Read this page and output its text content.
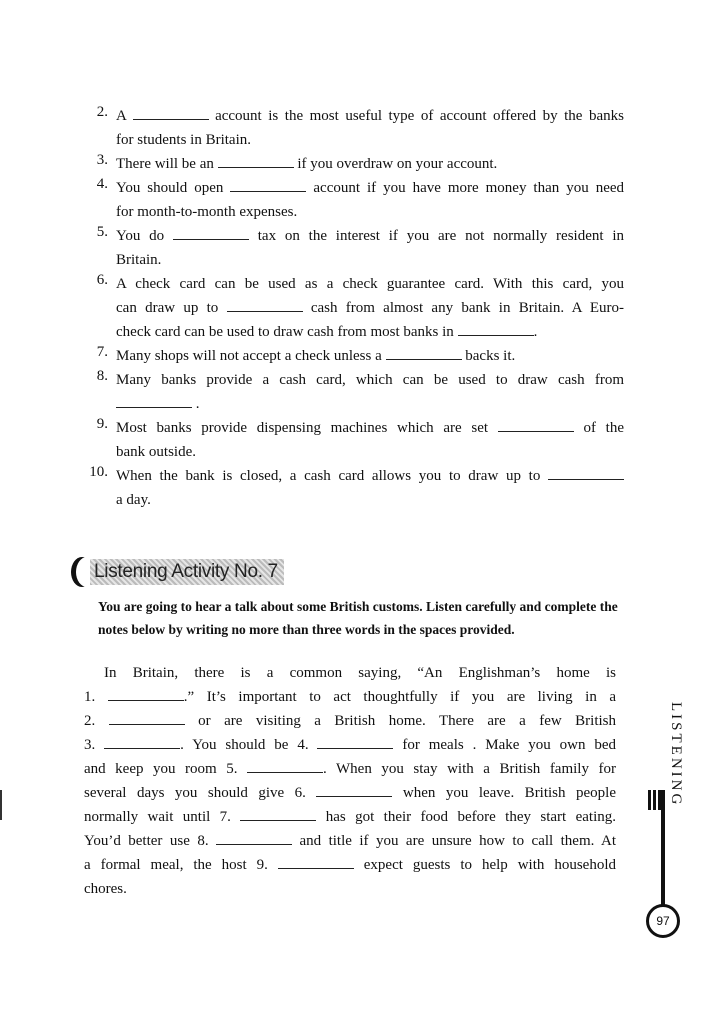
2. A	account is the most useful type of account offered by the banks
for students in Britain.
3. There will be an	if you overdraw on your account.
4. You should open	account if you have more money than you need
for month-to-month expenses.
5. You do	tax on the interest if you are not normally resident in
Britain.
6. A check card can be used as a check guarantee card. With this card, you
can draw up to	cash from almost any bank in Britain. A Euro-
check card can be used to draw cash from most banks in	.
7. Many shops will not accept a check unless a	backs it.
8. Many banks provide a cash card, which can be used to draw cash from
.
9. Most banks provide dispensing machines which are set	of the
bank outside.
10. When the bank is closed, a cash card allows you to draw up to
a day.
Listening Activity No. 7
You are going to hear a talk about some British customs. Listen carefully and complete the notes below by writing no more than three words in the spaces provided.
In Britain, there is a common saying, “An Englishman’s home is
1.	.” It’s important to act thoughtfully if you are living in a
2.	or are visiting a British home. There are a few British
3.	. You should be 4.	for meals . Make you own bed
and keep you room 5.	. When you stay with a British family for
several days you should give 6.	when you leave. British people
normally wait until 7.	has got their food before they start eating.
You’d better use 8.	and title if you are unsure how to call them. At
a formal meal, the host 9.	expect guests to help with household
chores.
LISTENING
97
